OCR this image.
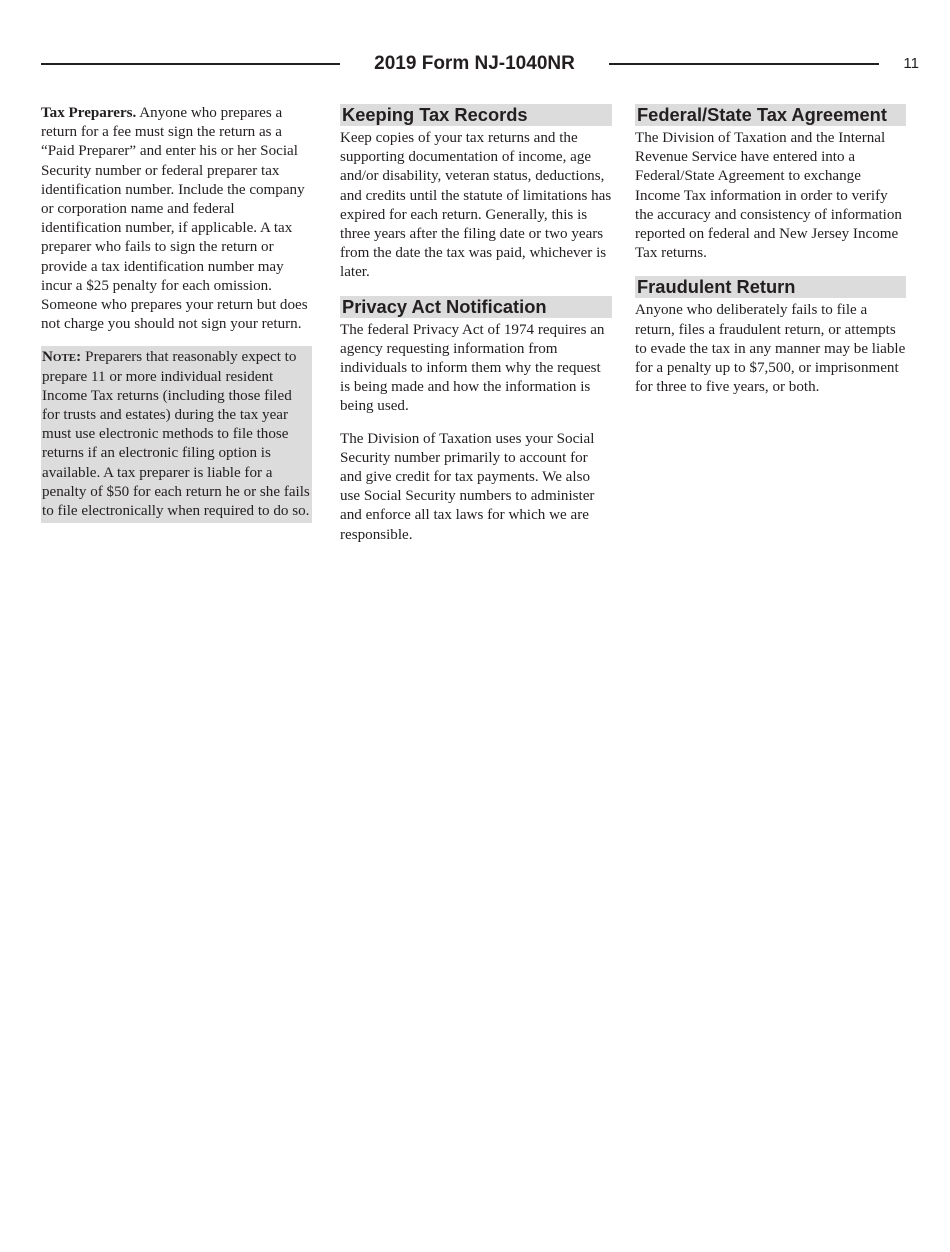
2019 Form NJ-1040NR	11

Tax Preparers. Anyone who prepares a return for a fee must sign the return as a “Paid Preparer” and enter his or her Social Security number or federal preparer tax identification number. Include the company or corporation name and federal identification number, if applicable. A tax preparer who fails to sign the return or provide a tax identification number may incur a $25 penalty for each omission. Someone who prepares your return but does not charge you should not sign your return.

Note: Preparers that reasonably expect to prepare 11 or more individual resident Income Tax returns (including those filed for trusts and estates) during the tax year must use electronic methods to file those returns if an electronic filing option is available. A tax preparer is liable for a penalty of $50 for each return he or she fails to file electronically when required to do so.
Keeping Tax Records

Keep copies of your tax returns and the supporting documentation of income, age and/or disability, veteran status, deductions, and credits until the statute of limitations has expired for each return. Generally, this is three years after the filing date or two years from the date the tax was paid, whichever is later.

Privacy Act Notification

The federal Privacy Act of 1974 requires an agency requesting information from individuals to inform them why the request is being made and how the information is being used.

The Division of Taxation uses your Social Security number primarily to account for and give credit for tax payments. We also use Social Security numbers to administer and enforce all tax laws for which we are responsible.

Federal/State Tax Agreement

The Division of Taxation and the Internal Revenue Service have entered into a Federal/State Agreement to exchange Income Tax information in order to verify the accuracy and consistency of information reported on federal and New Jersey Income Tax returns.

Fraudulent Return

Anyone who deliberately fails to file a return, files a fraudulent return, or attempts to evade the tax in any manner may be liable for a penalty up to $7,500, or imprisonment for three to five years, or both.
